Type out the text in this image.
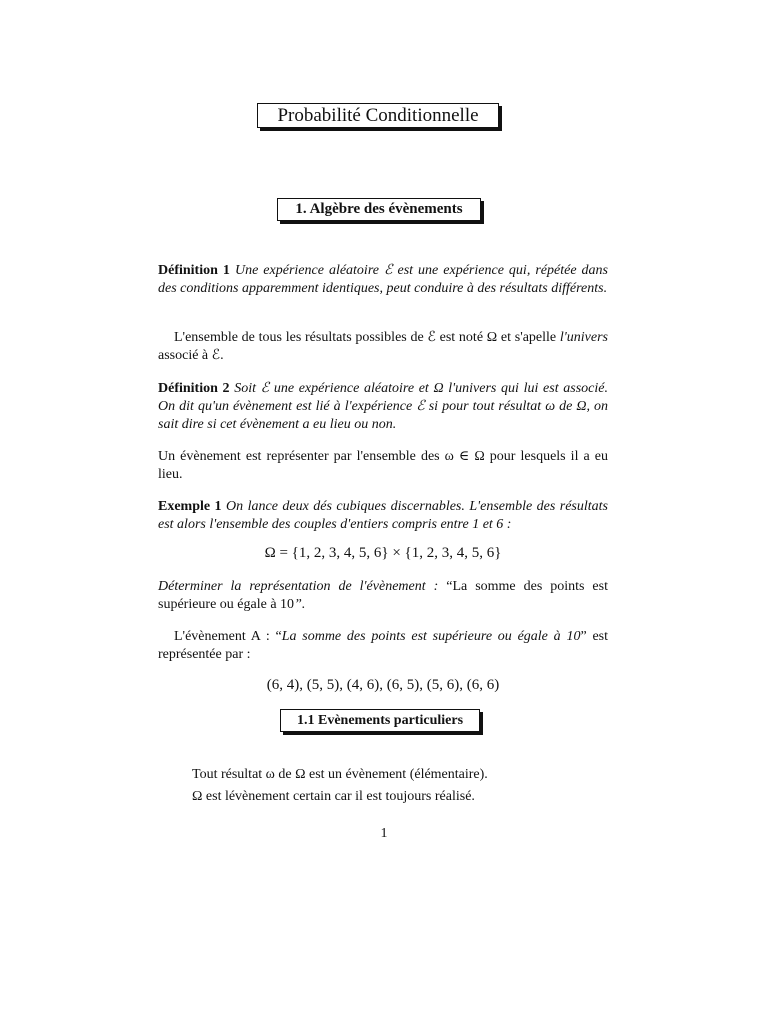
Probabilité Conditionnelle
1. Algèbre des évènements
Définition 1 Une expérience aléatoire ℰ est une expérience qui, répétée dans des conditions apparemment identiques, peut conduire à des résultats différents.
L'ensemble de tous les résultats possibles de ℰ est noté Ω et s'apelle l'univers associé à ℰ.
Définition 2 Soit ℰ une expérience aléatoire et Ω l'univers qui lui est associé. On dit qu'un évènement est lié à l'expérience ℰ si pour tout résultat ω de Ω, on sait dire si cet évènement a eu lieu ou non.
Un évènement est représenter par l'ensemble des ω ∈ Ω pour lesquels il a eu lieu.
Exemple 1 On lance deux dés cubiques discernables. L'ensemble des résultats est alors l'ensemble des couples d'entiers compris entre 1 et 6 :
Ω = {1, 2, 3, 4, 5, 6} × {1, 2, 3, 4, 5, 6}
Déterminer la représentation de l'évènement : “La somme des points est supérieure ou égale à 10”.
L'évènement A : “La somme des points est supérieure ou égale à 10” est représentée par :
(6, 4), (5, 5), (4, 6), (6, 5), (5, 6), (6, 6)
1.1 Evènements particuliers
Tout résultat ω de Ω est un évènement (élémentaire).
Ω est lévènement certain car il est toujours réalisé.
1
